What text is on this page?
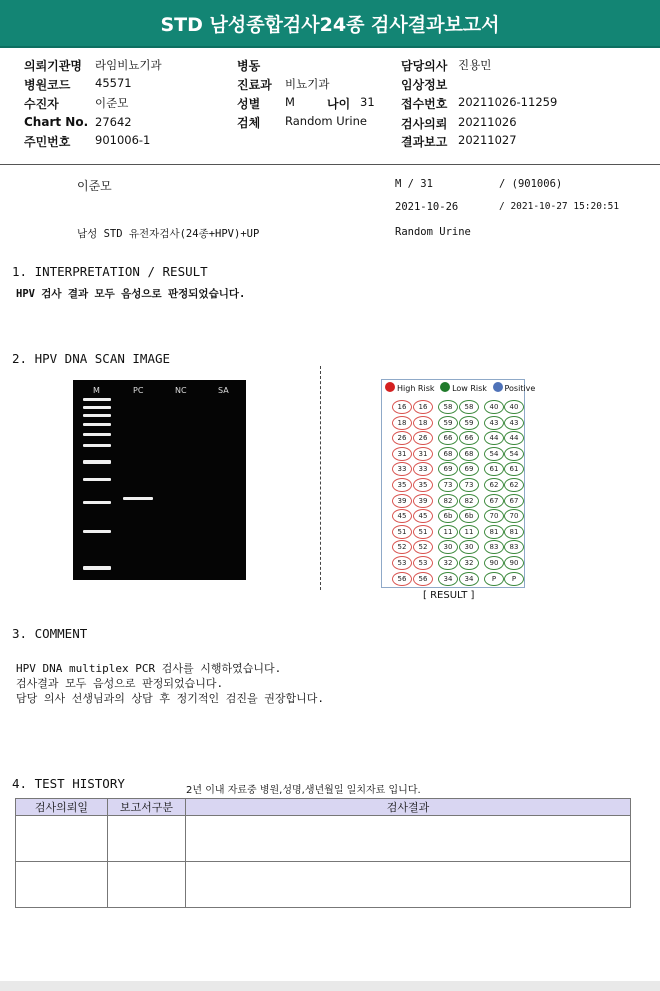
STD 남성종합검사24종 검사결과보고서
의뢰기관명 라임비뇨기과
병원코드 45571
수진자	이준모
Chart No. 27642
주민번호 901006-1
병동
진료과 비뇨기과
성별 M	나이 31
검체 Random Urine
담당의사 진용민
임상정보
접수번호 20211026-11259
검사의뢰 20211026
결과보고 20211027
이준모	M / 31	/ (901006)
2021-10-26	/ 2021-10-27 15:20:51
남성 STD 유전자검사(24종+HPV)+UP	Random Urine
1. INTERPRETATION / RESULT
HPV 검사 결과 모두 음성으로 판정되었습니다.
2. HPV DNA SCAN IMAGE
M	PC	NC	SA	High Risk Low Risk Positive
16	16	58	58	40	40
18	18	59	59	43	43
26	26	66	66	44	44
31	31	68	68	54	54
33	33	69	69	61	61
35	35	73	73	62	62
39	39	82	82	67	67
45	45	6b	6b	70	70
51	51	11	11	81	81
52	52	30	30	83	83
53	53	32	32	90	90
56	56	34	34	P	P
[ RESULT ]
3. COMMENT
HPV DNA multiplex PCR 검사를 시행하였습니다.
검사결과 모두 음성으로 판정되었습니다.
담당 의사 선생님과의 상담 후 정기적인 검진을 권장합니다.
4. TEST HISTORY	2년 이내 자료중 병원,성명,생년월일 일치자료 입니다.
검사의뢰일	보고서구분	검사결과
